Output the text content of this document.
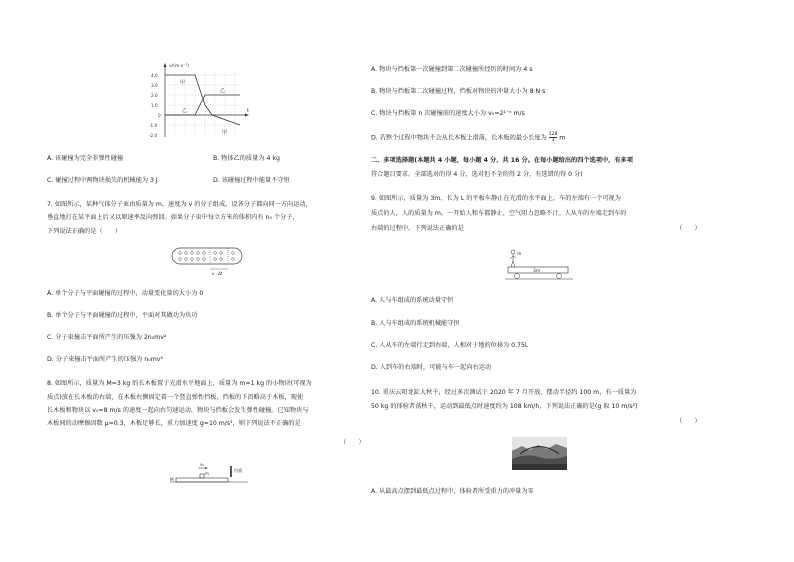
v/(m·s⁻¹)
t
4.0
3.0
2.0
1.0
0
-1.0
-2.0
甲
乙
乙
甲
A. 该碰撞为完全非弹性碰撞	B. 物体乙的质量为 4 kg
C. 碰撞过程中两物块损失的机械能为 3 J	D. 该碰撞过程中能量不守恒
7. 如图所示，某种气体分子束由质量为 m、速度为 v 的分子组成，设各分子都向同一方向运动，
垂直地打在某平面上后又以原速率反向弹回。如果分子束中每立方米的体积内有 n₀ 个分子，
下列说法正确的是（　　）
v · Δt
A. 单个分子与平面碰撞的过程中，动量变化量的大小为 0
B. 单个分子与平面碰撞的过程中，平面对其做功为负功
C. 分子束撞击平面所产生的压强为 2n₀mv²
D. 分子束撞击平面所产生的压强为 n₀mv²
8. 如图所示，质量为 M=3 kg 的长木板置于光滑水平地面上，质量为 m=1 kg 的小物块(可视为
质点)放在长木板的右端，在木板右侧固定着一个竖直弹性挡板，挡板的下沿略高于木板，现使
长木板和物块以 v₀=8 m/s 的速度一起向右匀速运动，物块与挡板会发生弹性碰撞。已知物块与
木板间的动摩擦因数 μ=0.3，木板足够长，重力加速度 g=10 m/s²，则下列说法不正确的是
（　　）
v₀
m
挡板
M
A. 物块与挡板第一次碰撞到第二次碰撞所经历的时间为 4 s
B. 物块与挡板第二次碰撞过程，挡板对物块的冲量大小为 8 N·s
C. 物块与挡板第 n 次碰撞前的速度大小为 v₀=2¹⁻ⁿ m/s
D. 若整个过程中物块不会从长木板上滑落，长木板的最小长度为 $\frac{128}{3}$ m
二、多项选择题(本题共 4 小题，每小题 4 分，共 16 分。在每小题给出的四个选项中，有多项
符合题目要求。全部选对的得 4 分，选对但不全的得 2 分，有选错的得 0 分)
9. 如图所示，质量为 3m、长为 L 的平板车静止在光滑的水平面上，车的左端有一个可视为
质点的人，人的质量为 m。一开始人和车都静止，空气阻力忽略不计。人从车的左端走到车的
右端的过程中，下列说法正确的是	（　　）
m
3m
A. 人与车组成的系统动量守恒
B. 人与车组成的系统机械能守恒
C. 人从车的左端行走到右端，人相对于地的位移为 0.75L
D. 人到车的右端时，可能与车一起向右运动
10. 重庆云阳龙缸大秋千，经过多次测试于 2020 年 7 月开放。摆动半径约 100 m，有一质量为
50 kg 的体验者荡秋千，运动到最低点时速度约为 108 km/h，下列说法正确的是(g 取 10 m/s²)
（　　）
A. 从最高点摆到最低点过程中，体验者所受重力的冲量为零
